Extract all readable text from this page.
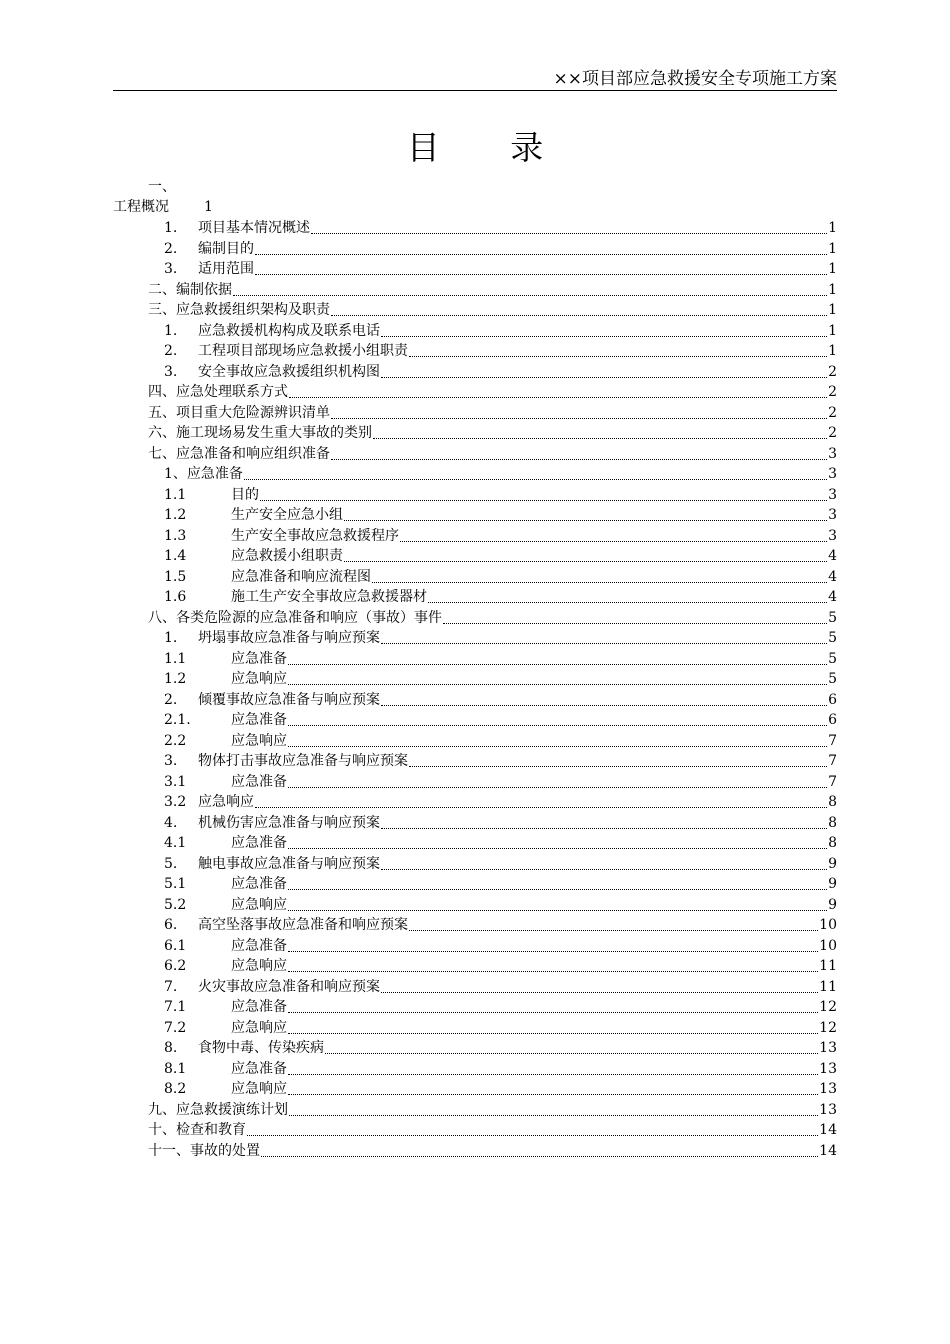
××项目部应急救援安全专项施工方案
目 录
一、
工程概况	1
1.	项目基本情况概述	1
2.	编制目的	1
3.	适用范围	1
二、编制依据	1
三、应急救援组织架构及职责	1
1.	应急救援机构构成及联系电话	1
2.	工程项目部现场应急救援小组职责	1
3.	安全事故应急救援组织机构图	2
四、应急处理联系方式	2
五、项目重大危险源辨识清单	2
六、施工现场易发生重大事故的类别	2
七、应急准备和响应组织准备	3
1、应急准备	3
1.1	目的	3
1.2	生产安全应急小组	3
1.3	生产安全事故应急救援程序	3
1.4	应急救援小组职责	4
1.5	应急准备和响应流程图	4
1.6	施工生产安全事故应急救援器材	4
八、各类危险源的应急准备和响应（事故）事件	5
1.	坍塌事故应急准备与响应预案	5
1.1	应急准备	5
1.2	应急响应	5
2.	倾覆事故应急准备与响应预案	6
2.1.	应急准备	6
2.2	应急响应	7
3.	物体打击事故应急准备与响应预案	7
3.1	应急准备	7
3.2 应急响应	8
4.	机械伤害应急准备与响应预案	8
4.1	应急准备	8
5.	触电事故应急准备与响应预案	9
5.1	应急准备	9
5.2	应急响应	9
6.	高空坠落事故应急准备和响应预案	10
6.1	应急准备	10
6.2	应急响应	11
7.	火灾事故应急准备和响应预案	11
7.1	应急准备	12
7.2	应急响应	12
8.	食物中毒、传染疾病	13
8.1	应急准备	13
8.2	应急响应	13
九、应急救援演练计划	13
十、检查和教育	14
十一、事故的处置	14
